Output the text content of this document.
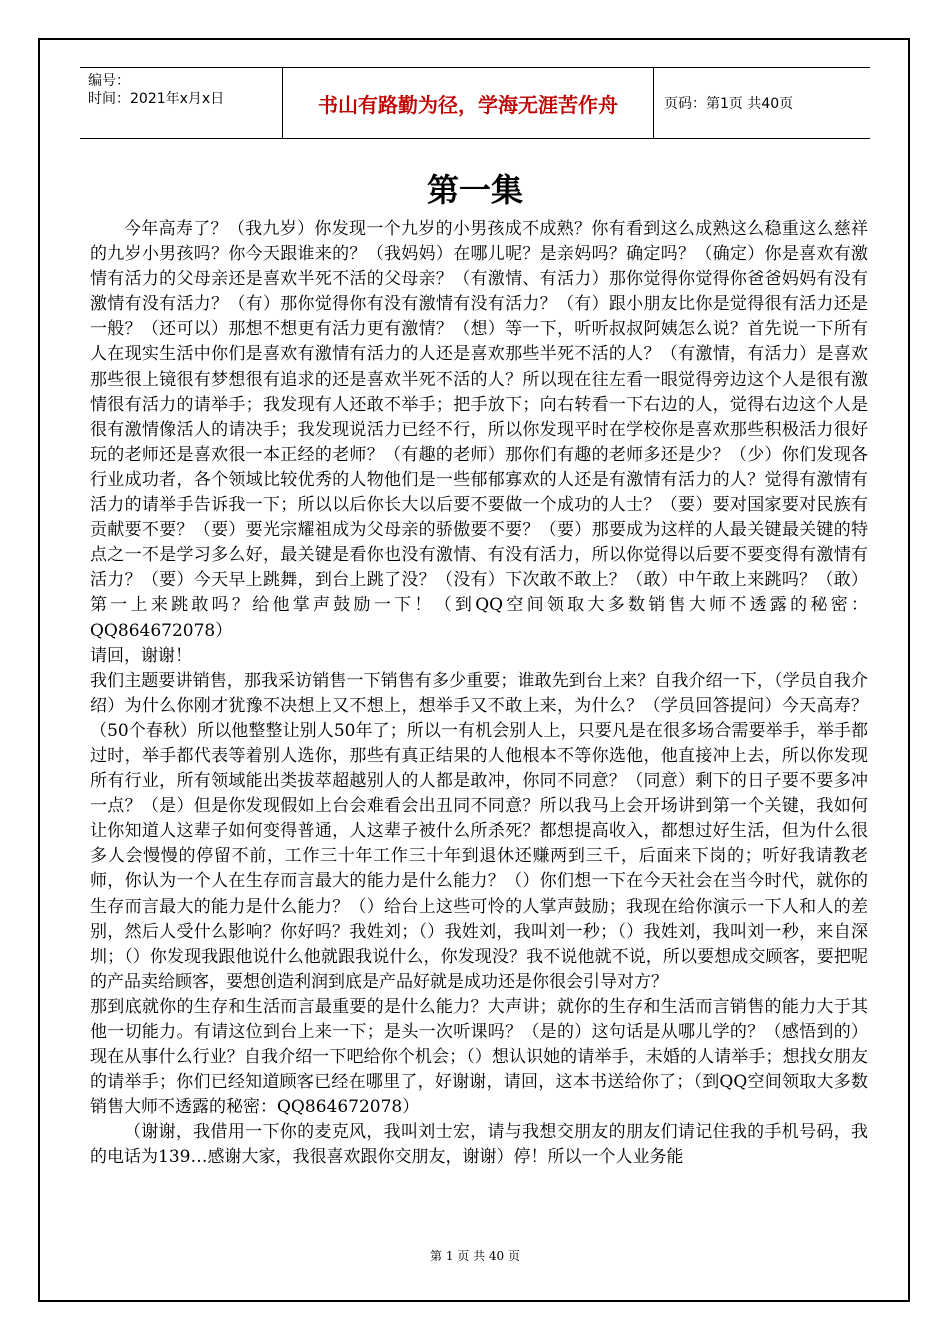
编号：
时间：2021年x月x日	书山有路勤为径，学海无涯苦作舟	页码：第1页 共40页
第一集

今年高寿了？（我九岁）你发现一个九岁的小男孩成不成熟？你有看到这么成熟这么稳重这么慈祥的九岁小男孩吗？你今天跟谁来的？（我妈妈）在哪儿呢？是亲妈吗？确定吗？（确定）你是喜欢有激情有活力的父母亲还是喜欢半死不活的父母亲？（有激情、有活力）那你觉得你觉得你爸爸妈妈有没有激情有没有活力？（有）那你觉得你有没有激情有没有活力？（有）跟小朋友比你是觉得很有活力还是一般？（还可以）那想不想更有活力更有激情？（想）等一下，听听叔叔阿姨怎么说？首先说一下所有人在现实生活中你们是喜欢有激情有活力的人还是喜欢那些半死不活的人？（有激情，有活力）是喜欢那些很上镜很有梦想很有追求的还是喜欢半死不活的人？所以现在往左看一眼觉得旁边这个人是很有激情很有活力的请举手；我发现有人还敢不举手；把手放下；向右转看一下右边的人，觉得右边这个人是很有激情像活人的请决手；我发现说活力已经不行，所以你发现平时在学校你是喜欢那些积极活力很好玩的老师还是喜欢很一本正经的老师？（有趣的老师）那你们有趣的老师多还是少？（少）你们发现各行业成功者，各个领域比较优秀的人物他们是一些郁郁寡欢的人还是有激情有活力的人？觉得有激情有活力的请举手告诉我一下；所以以后你长大以后要不要做一个成功的人士？（要）要对国家要对民族有贡献要不要？（要）要光宗耀祖成为父母亲的骄傲要不要？（要）那要成为这样的人最关键最关键的特点之一不是学习多么好，最关键是看你也没有激情、有没有活力，所以你觉得以后要不要变得有激情有活力？（要）今天早上跳舞，到台上跳了没？（没有）下次敢不敢上？（敢）中午敢上来跳吗？（敢）第一上来跳敢吗？给他掌声鼓励一下！（到QQ空间领取大多数销售大师不透露的秘密：QQ864672078）

请回，谢谢！

我们主题要讲销售，那我采访销售一下销售有多少重要；谁敢先到台上来？自我介绍一下，（学员自我介绍）为什么你刚才犹豫不决想上又不想上，想举手又不敢上来，为什么？（学员回答提问）今天高寿？（50个春秋）所以他整整让别人50年了；所以一有机会别人上，只要凡是在很多场合需要举手，举手都过时，举手都代表等着别人选你，那些有真正结果的人他根本不等你选他，他直接冲上去，所以你发现所有行业，所有领域能出类拔萃超越别人的人都是敢冲，你同不同意？（同意）剩下的日子要不要多冲一点？（是）但是你发现假如上台会难看会出丑同不同意？所以我马上会开场讲到第一个关键，我如何让你知道人这辈子如何变得普通，人这辈子被什么所杀死？都想提高收入，都想过好生活，但为什么很多人会慢慢的停留不前，工作三十年工作三十年到退休还赚两到三千，后面来下岗的；听好我请教老师，你认为一个人在生存而言最大的能力是什么能力？（）你们想一下在今天社会在当今时代，就你的生存而言最大的能力是什么能力？（）给台上这些可怜的人掌声鼓励；我现在给你演示一下人和人的差别，然后人受什么影响？你好吗？我姓刘；（）我姓刘，我叫刘一秒；（）我姓刘，我叫刘一秒，来自深圳；（）你发现我跟他说什么他就跟我说什么，你发现没？我不说他就不说，所以要想成交顾客，要把呢的产品卖给顾客，要想创造利润到底是产品好就是成功还是你很会引导对方？

那到底就你的生存和生活而言最重要的是什么能力？大声讲；就你的生存和生活而言销售的能力大于其他一切能力。有请这位到台上来一下；是头一次听课吗？（是的）这句话是从哪儿学的？（感悟到的）现在从事什么行业？自我介绍一下吧给你个机会；（）想认识她的请举手，未婚的人请举手；想找女朋友的请举手；你们已经知道顾客已经在哪里了，好谢谢，请回，这本书送给你了；（到QQ空间领取大多数销售大师不透露的秘密：QQ864672078）

（谢谢，我借用一下你的麦克风，我叫刘士宏，请与我想交朋友的朋友们请记住我的手机号码，我的电话为139…感谢大家，我很喜欢跟你交朋友，谢谢）停！所以一个人业务能

第 1 页 共 40 页
